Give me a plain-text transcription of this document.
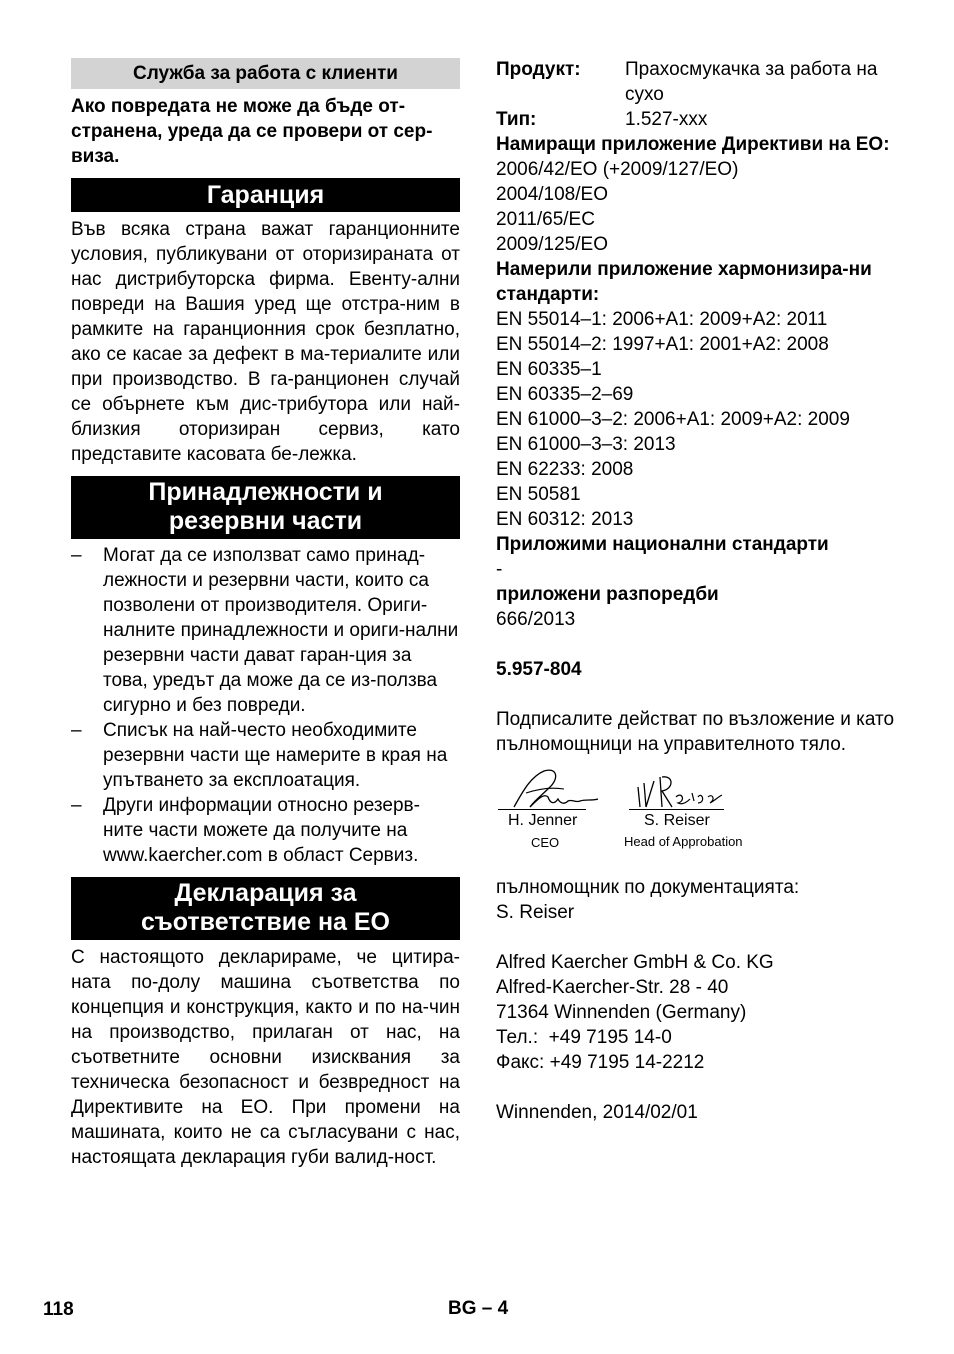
Служба за работа с клиенти
Ако повредата не може да бъде от-странена, уреда да се провери от сер-виза.
Гаранция
Във всяка страна важат гаранционните условия, публикувани от оторизираната от нас дистрибуторска фирма. Евенту-ални повреди на Вашия уред ще отстра-ним в рамките на гаранционния срок безплатно, ако се касае за дефект в ма-териалите или при производство. В га-ранционен случай се обърнете към дис-трибутора или най-близкия оторизиран сервиз, като представите касовата бе-лежка.
Принадлежности и
резервни части
–	Могат да се използват само принад-лежности и резервни части, които са позволени от производителя. Ориги-налните принадлежности и ориги-нални резервни части дават гаран-ция за това, уредът да може да се из-ползва сигурно и без повреди.
–	Списък на най-често необходимите резервни части ще намерите в края на упътването за експлоатация.
–	Други информации относно резерв-ните части можете да получите на www.kaercher.com в област Сервиз.
Декларация за
съответствие на ЕО
С настоящото декларираме, че цитира-ната по-долу машина съответства по концепция и конструкция, както и по на-чин на производство, прилаган от нас, на съответните основни изисквания за техническа безопасност и безвредност на Директивите на ЕО. При промени на машината, които не са съгласувани с нас, настоящата декларация губи валид-ност.
Продукт:	Прахосмукачка за работа на сухо
Тип:	1.527-xxx
Намиращи приложение Директиви на ЕО:
2006/42/ЕО (+2009/127/ЕО)
2004/108/ЕО
2011/65/ЕС
2009/125/ЕО
Намерили приложение хармонизира-ни стандарти:
EN 55014–1: 2006+A1: 2009+A2: 2011
EN 55014–2: 1997+A1: 2001+A2: 2008
EN 60335–1
EN 60335–2–69
EN 61000–3–2: 2006+A1: 2009+A2: 2009
EN 61000–3–3: 2013
EN 62233: 2008
EN 50581
EN 60312: 2013
Приложими национални стандарти
-
приложени разпоредби
666/2013
5.957-804
Подписалите действат по възложение и като пълномощници на управителното тяло.
H. Jenner	S. Reiser
CEO	Head of Approbation
пълномощник по документацията:
S. Reiser
Alfred Kaercher GmbH & Co. KG
Alfred-Kaercher-Str. 28 - 40
71364 Winnenden (Germany)
Тел.:  +49 7195 14-0
Факс: +49 7195 14-2212
Winnenden, 2014/02/01
118	BG – 4
